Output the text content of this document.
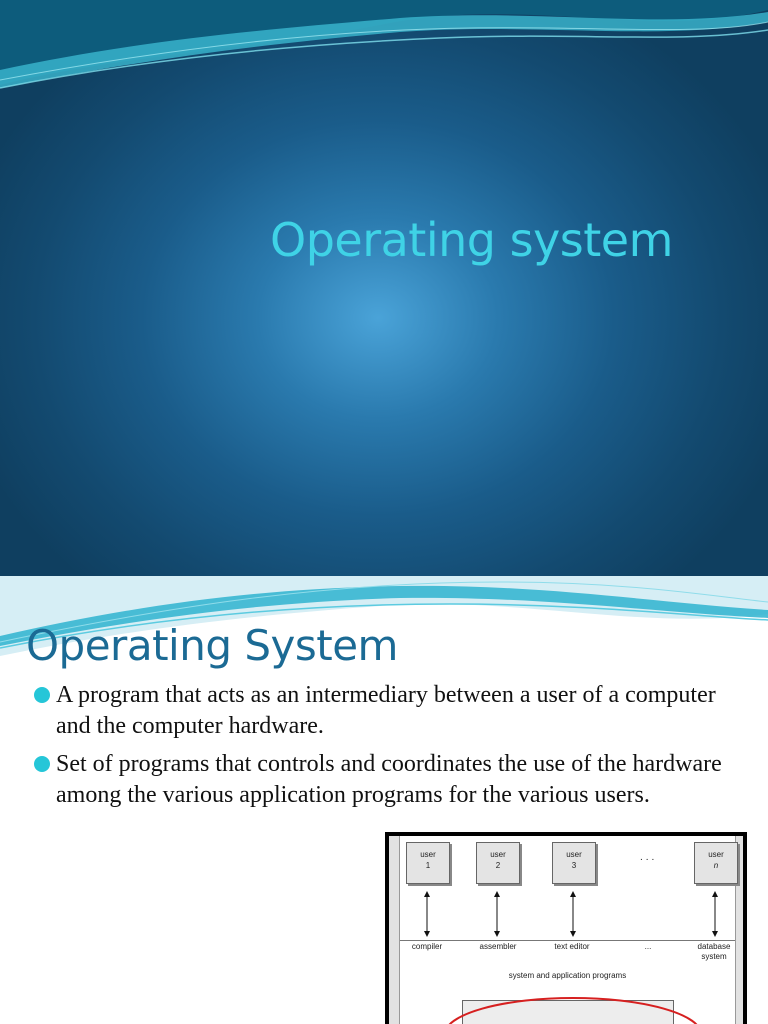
Operating system
Operating System
A program that acts as an intermediary between a user of a computer and the computer hardware.
Set of programs that controls and coordinates the use of the hardware among the various application programs for the various users.
user
1
user
2
user
3
...	user
n
compiler	assembler	text editor	...	database system
system and application programs
